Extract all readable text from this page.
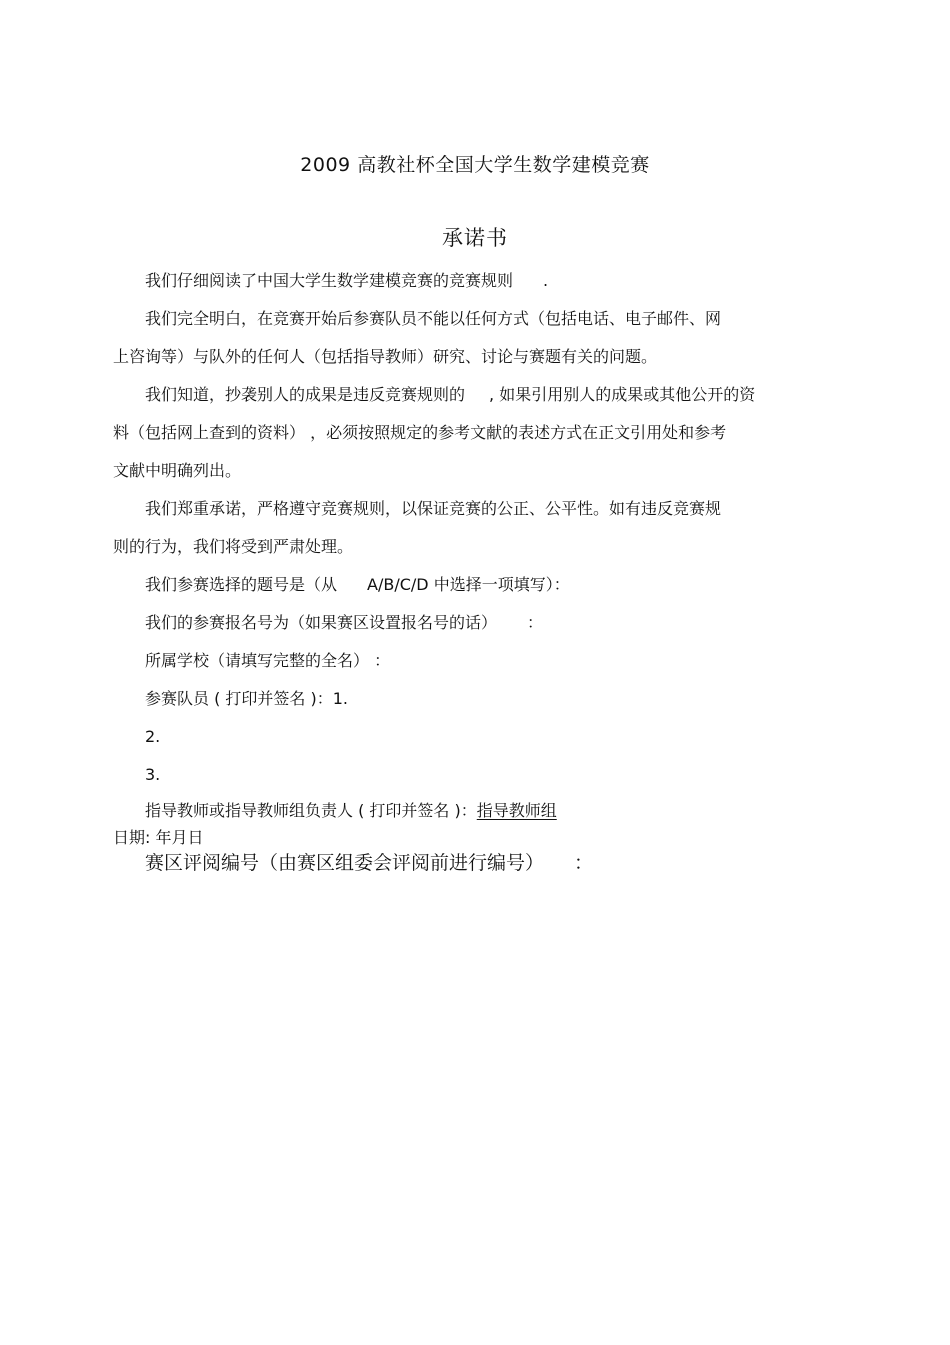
2009 高教社杯全国大学生数学建模竞赛
承诺书
我们仔细阅读了中国大学生数学建模竞赛的竞赛规则 .
我们完全明白，在竞赛开始后参赛队员不能以任何方式（包括电话、电子邮件、网
上咨询等）与队外的任何人（包括指导教师）研究、讨论与赛题有关的问题。
我们知道，抄袭别人的成果是违反竞赛规则的 , 如果引用别人的成果或其他公开的资
料（包括网上查到的资料） ，必须按照规定的参考文献的表述方式在正文引用处和参考
文献中明确列出。
我们郑重承诺，严格遵守竞赛规则，以保证竞赛的公正、公平性。如有违反竞赛规
则的行为，我们将受到严肃处理。
我们参赛选择的题号是（从 A/B/C/D 中选择一项填写）：
我们的参赛报名号为（如果赛区设置报名号的话） ：
所属学校（请填写完整的全名） ：
参赛队员 ( 打印并签名 )：1.
2.
3.
指导教师或指导教师组负责人 ( 打印并签名 )：指导教师组
日期: 年月日
赛区评阅编号（由赛区组委会评阅前进行编号） ：
